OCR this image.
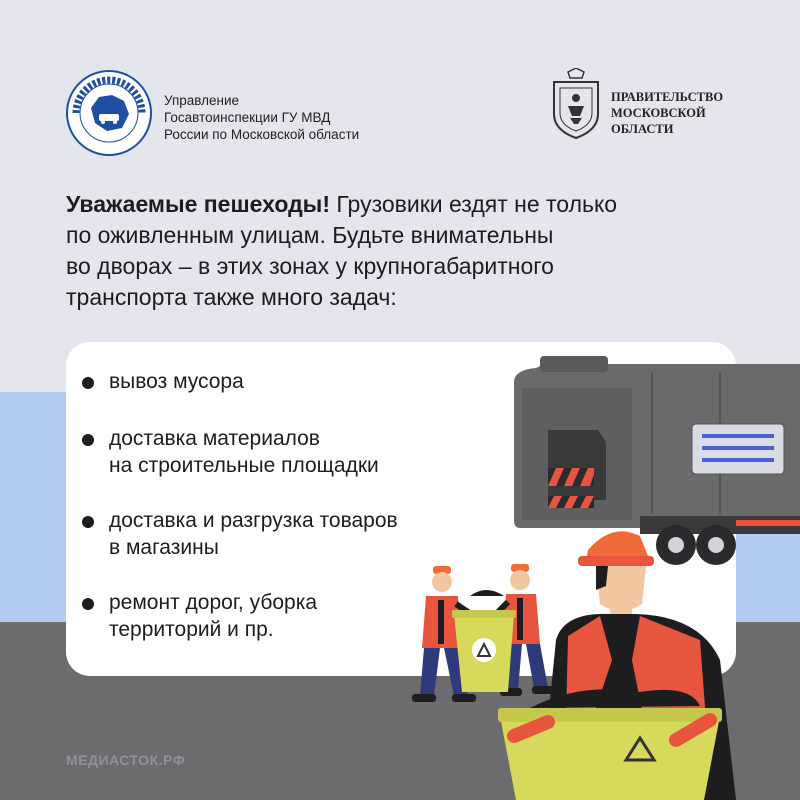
Управление
Госавтоинспекции ГУ МВД
России по Московской области
ПРАВИТЕЛЬСТВО
МОСКОВСКОЙ
ОБЛАСТИ
Уважаемые пешеходы! Грузовики ездят не только
по оживленным улицам. Будьте внимательны
во дворах – в этих зонах у крупногабаритного
транспорта также много задач:
вывоз мусора
доставка материалов
на строительные площадки
доставка и разгрузка товаров
в магазины
ремонт дорог, уборка
территорий и пр.
МЕДИАСТОК.РФ
